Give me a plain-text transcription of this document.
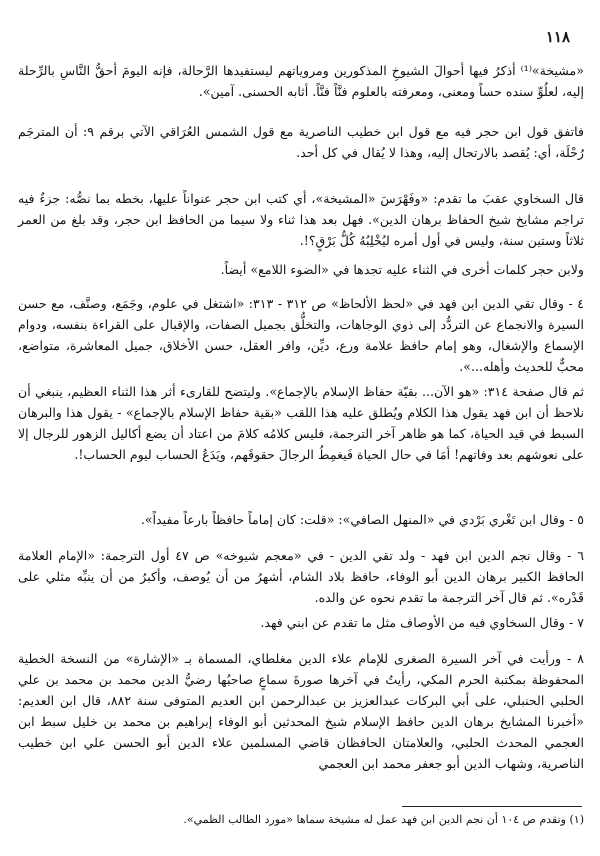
١١٨

«مشيخة»⁽¹⁾ أذكرُ فيها أحوالَ الشيوخِ المذكورين ومروياتهم ليستفيدها الرَّحالة، فإنه اليومَ أحقُّ النَّاسِ بالرِّحلة إليه، لعلُوِّ سنده حساً ومعنى، ومعرفته بالعلوم فنَّاً فنَّاً. أثابه الحسنى. آمين».

فاتفق قول ابن حجر فيه مع قول ابن خطيب الناصرية مع قول الشمس العُرَاقي الآتي برقم ٩: أن المترجَم رُحْلَة، أي: يُقصد بالارتحال إليه، وهذا لا يُقال في كل أحد.

قال السخاوي عقبَ ما تقدم: «وفَهْرَسَ «المشيخة»، أي كتب ابن حجر عنواناً عليها، بخطه بما نصُّه: جزءٌ فيه تراجم مشايخ شيخ الحفاظ برهان الدين». فهل بعد هذا ثناء ولا سيما من الحافظ ابن حجر، وقد بلغ من العمر ثلاثاً وستين سنة، وليس في أول أمره ليُخْلِبُهُ كُلُّ بَرْقٍ؟!.

ولابن حجر كلمات أخرى في الثناء عليه تجدها في «الضوء اللامع» أيضاً.

٤ - وقال تقي الدين ابن فهد في «لحظ الألحاظ» ص ٣١٢ - ٣١٣: «اشتغل في علوم، وجَمَع، وصنَّف، مع حسن السيرة والانجماع عن التردُّد إلى ذوي الوجاهات، والتخلُّق بجميل الصفات، والإقبال على القراءة بنفسه، ودوام الإسماع والإشغال، وهو إمام حافظ علامة ورع، ديِّن، وافر العقل، حسن الأخلاق، جميل المعاشرة، متواضع، محبٌّ للحديث وأهله...».

ثم قال صفحة ٣١٤: «هو الآن... بقيّة حفاظ الإسلام بالإجماع». وليتضح للقارىء أثر هذا الثناء العظيم، ينبغي أن نلاحظ أن ابن فهد يقول هذا الكلام ويُطلق عليه هذا اللقب «بقية حفاظ الإسلام بالإجماع» - يقول هذا والبرهان السبط في قيد الحياة، كما هو ظاهر آخر الترجمة، فليس كلامُه كلامَ من اعتاد أن يضع أكاليل الزهور للرجال إلا على نعوشهم بعد وفاتهم! أمَا في حال الحياة فَيغمِطُ الرجالَ حقوقَهم، ويَدَعُ الحساب ليوم الحساب!.

٥ - وقال ابن تَغْري بَرْدي في «المنهل الصافي»: «قلت: كان إماماً حافظاً بارعاً مفيداً».

٦ - وقال نجم الدين ابن فهد - ولد تقي الدين - في «معجم شيوخه» ص ٤٧ أول الترجمة: «الإمام العلامة الحافظ الكبير برهان الدين أبو الوفاء، حافظ بلاد الشام، أشهرُ من أن يُوصف، وأكبرُ من أن ينبِّه مثلي على قَدْره». ثم قال آخر الترجمة ما تقدم نحوه عن والده.

٧ - وقال السخاوي فيه من الأوصاف مثل ما تقدم عن ابني فهد.

٨ - ورأيت في آخر السيرة الصغرى للإمام علاء الدين مغلطاي، المسماة بـ «الإشارة» من النسخة الخطية المحفوظة بمكتبة الحرم المكي، رأيتُ في آخرها صورةَ سماعٍ صاحبُها رضيُّ الدين محمد بن محمد بن علي الحلبي الحنبلي، على أبي البركات عبدالعزيز بن عبدالرحمن ابن العديم المتوفى سنة ٨٨٢، قال ابن العديم: «أخبرنا المشايخ برهان الدين حافظ الإسلام شيخ المحدثين أبو الوفاء إبراهيم بن محمد بن خليل سبط ابن العجمي المحدث الحلبي، والعلامتان الحافظان قاضي المسلمين علاء الدين أبو الحسن علي ابن خطيب الناصرية، وشهاب الدين أبو جعفر محمد ابن العجمي

(١) وتقدم ص ١٠٤ أن نجم الدين ابن فهد عمل له مشيخة سماها «مورد الطالب الظمي».
